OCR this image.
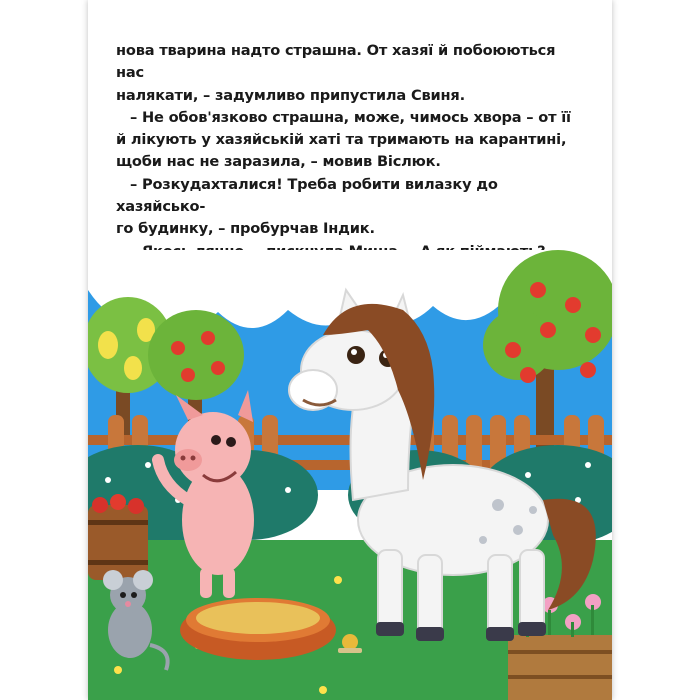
нова тварина надто страшна. От хазяї й побоюються нас

налякати, – задумливо припустила Свиня.

– Не обов'язково страшна, може, чимось хвора – от її

й лікують у хазяйській хаті та тримають на карантині,

щоби нас не заразила, – мовив Віслюк.

– Розкудахталися! Треба робити вилазку до хазяйсько-

го будинку, – пробурчав Індик.
